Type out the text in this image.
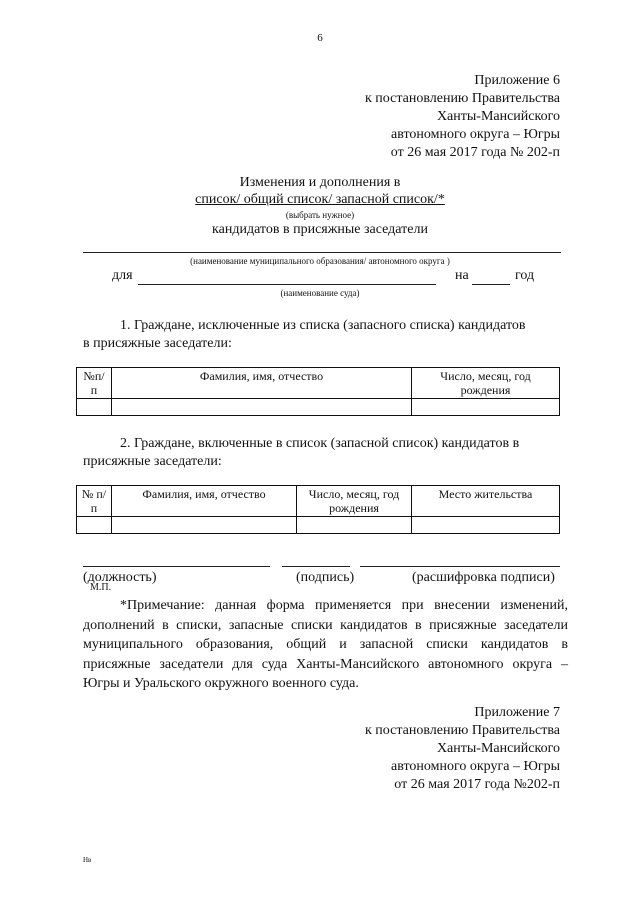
6
Приложение 6
к постановлению Правительства
Ханты-Мансийского
автономного округа – Югры
от 26 мая 2017 года № 202-п
Изменения и дополнения в
список/ общий список/ запасной список/*
(выбрать нужное)
кандидатов в присяжные заседатели
(наименование муниципального образования/ автономного округа )
для	на	год
(наименование суда)
1. Граждане, исключенные из списка (запасного списка) кандидатов
в присяжные заседатели:
№п/ п	Фамилия, имя, отчество	Число, месяц, год рождения

2. Граждане, включенные в список (запасной список) кандидатов в
присяжные заседатели:
№ п/п	Фамилия, имя, отчество	Число, месяц, год рождения	Место жительства

(должность)	(подпись)	(расшифровка подписи)
М.П.
*Примечание: данная форма применяется при внесении изменений, дополнений в списки, запасные списки кандидатов в присяжные заседатели муниципального образования, общий и запасной списки кандидатов в присяжные заседатели для суда Ханты-Мансийского автономного округа – Югры и Уральского окружного военного суда.
Приложение 7
к постановлению Правительства
Ханты-Мансийского
автономного округа – Югры
от 26 мая 2017 года №202-п
Нв
